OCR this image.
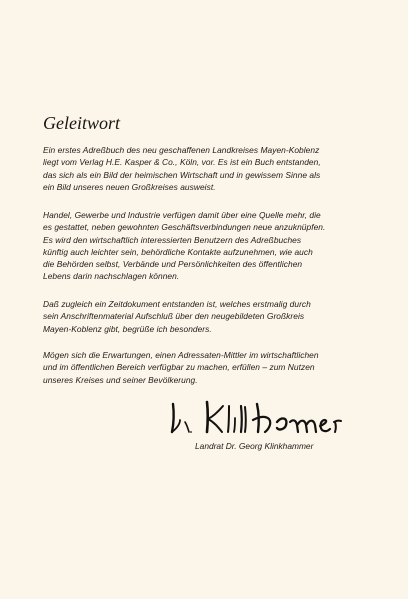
Geleitwort

Ein erstes Adreßbuch des neu geschaffenen Landkreises Mayen-Koblenz
liegt vom Verlag H.E. Kasper & Co., Köln, vor. Es ist ein Buch entstanden,
das sich als ein Bild der heimischen Wirtschaft und in gewissem Sinne als
ein Bild unseres neuen Großkreises ausweist.

Handel, Gewerbe und Industrie verfügen damit über eine Quelle mehr, die
es gestattet, neben gewohnten Geschäftsverbindungen neue anzuknüpfen.
Es wird den wirtschaftlich interessierten Benutzern des Adreßbuches
künftig auch leichter sein, behördliche Kontakte aufzunehmen, wie auch
die Behörden selbst, Verbände und Persönlichkeiten des öffentlichen
Lebens darin nachschlagen können.

Daß zugleich ein Zeitdokument entstanden ist, welches erstmalig durch
sein Anschriftenmaterial Aufschluß über den neugebildeten Großkreis
Mayen-Koblenz gibt, begrüße ich besonders.

Mögen sich die Erwartungen, einen Adressaten-Mittler im wirtschaftlichen
und im öffentlichen Bereich verfügbar zu machen, erfüllen – zum Nutzen
unseres Kreises und seiner Bevölkerung.

Landrat Dr. Georg Klinkhammer
